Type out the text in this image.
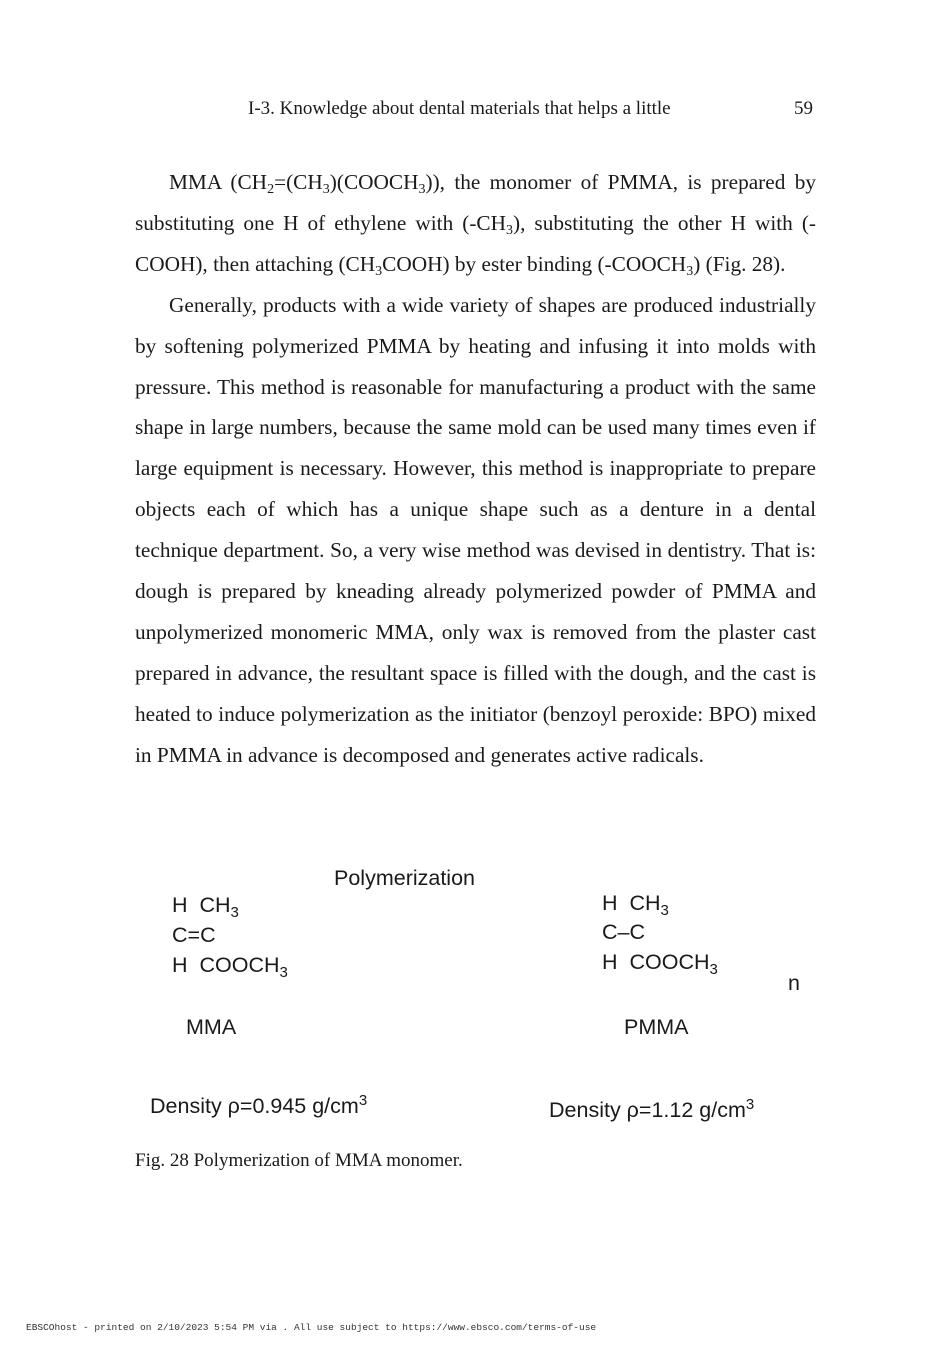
I-3. Knowledge about dental materials that helps a little	59

MMA $(CH_2=(CH_3)(COOCH_3))$, the monomer of PMMA, is prepared by substituting one H of ethylene with $(-CH_3)$, substituting the other H with (-COOH), then attaching $(CH_3COOH)$ by ester binding $(-COOCH_3)$ (Fig. 28).

Generally, products with a wide variety of shapes are produced industrially by softening polymerized PMMA by heating and infusing it into molds with pressure. This method is reasonable for manufacturing a product with the same shape in large numbers, because the same mold can be used many times even if large equipment is necessary. However, this method is inappropriate to prepare objects each of which has a unique shape such as a denture in a dental technique department. So, a very wise method was devised in dentistry. That is: dough is prepared by kneading already polymerized powder of PMMA and unpolymerized monomeric MMA, only wax is removed from the plaster cast prepared in advance, the resultant space is filled with the dough, and the cast is heated to induce polymerization as the initiator (benzoyl peroxide: BPO) mixed in PMMA in advance is decomposed and generates active radicals.

Polymerization
H  $CH_3$
C=C
H  $COOCH_3$
MMA
Density ρ=0.945 $g/cm^3$
H  $CH_3$
C–C
H  $COOCH_3$
n
PMMA
Density ρ=1.12 $g/cm^3$
Fig. 28 Polymerization of MMA monomer.
EBSCOhost - printed on 2/10/2023 5:54 PM via . All use subject to https://www.ebsco.com/terms-of-use
